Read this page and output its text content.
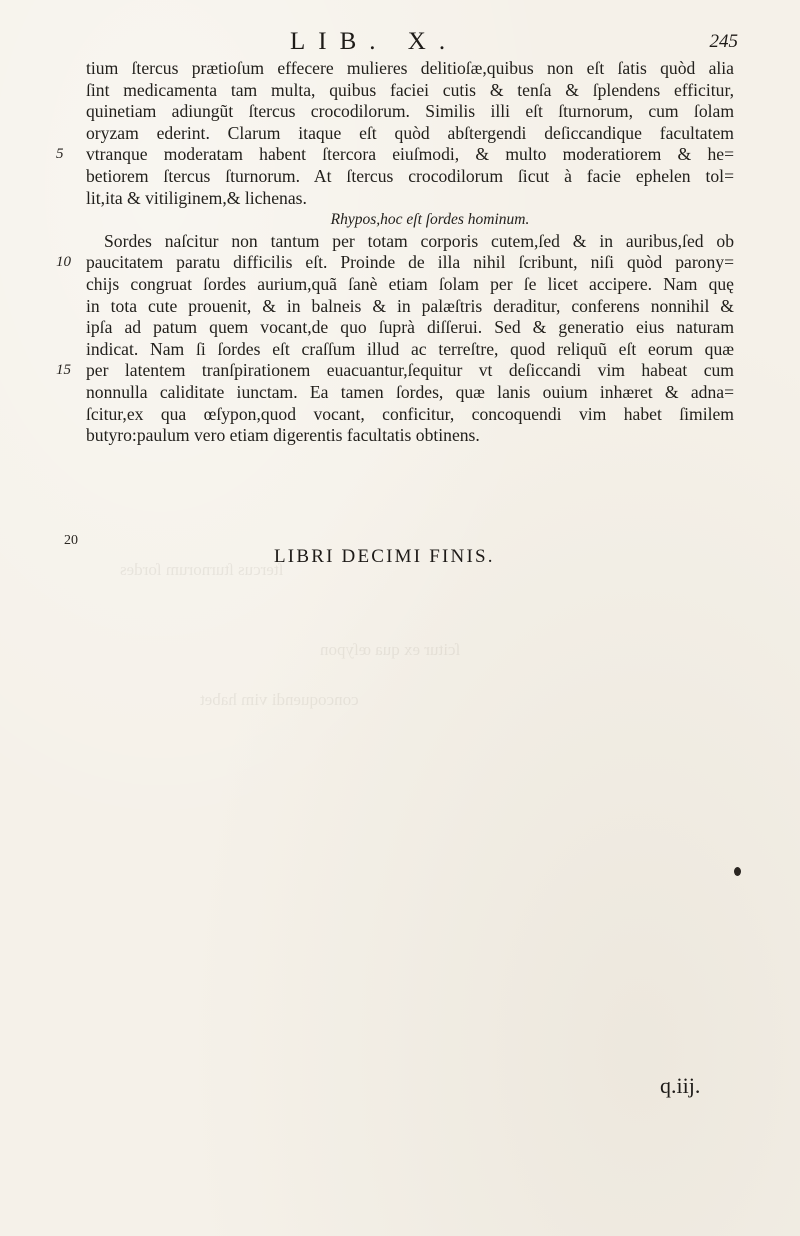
ſtercus ſturnorum ſordes
ſcitur ex qua œſypon
concoquendi vim habet
LIB. X.	245
tium ſtercus prætioſum effecere mulieres delitioſæ,quibus non eſt ſatis quòd alia
ſint medicamenta tam multa, quibus faciei cutis & tenſa & ſplendens efficitur,
quinetiam adiungũt ſtercus crocodilorum. Similis illi eſt ſturnorum, cum ſolam
oryzam ederint. Clarum itaque eſt quòd abſtergendi deſiccandique facultatem
5	vtranque moderatam habent ſtercora eiuſmodi, & multo moderatiorem & he=
betiorem ſtercus ſturnorum. At ſtercus crocodilorum ſicut à facie ephelen tol=
lit,ita & vitiliginem,& lichenas.
Rhypos,hoc eſt ſordes hominum.
Sordes naſcitur non tantum per totam corporis cutem,ſed & in auribus,ſed ob
10 paucitatem paratu difficilis eſt. Proinde de illa nihil ſcribunt, niſi quòd parony=
chijs congruat ſordes aurium,quã ſanè etiam ſolam per ſe licet accipere. Nam quę
in tota cute prouenit, & in balneis & in palæſtris deraditur, conferens nonnihil &
ipſa ad patum quem vocant,de quo ſuprà diſſerui. Sed & generatio eius naturam
indicat. Nam ſi ſordes eſt craſſum illud ac terreſtre, quod reliquũ eſt eorum quæ
15 per latentem tranſpirationem euacuantur,ſequitur vt deſiccandi vim habeat cum
nonnulla caliditate iunctam. Ea tamen ſordes, quæ lanis ouium inhæret & adna=
ſcitur,ex qua œſypon,quod vocant, conficitur, concoquendi vim habet ſimilem
butyro:paulum vero etiam digerentis facultatis obtinens.
20
LIBRI DECIMI FINIS.
q.iij.
